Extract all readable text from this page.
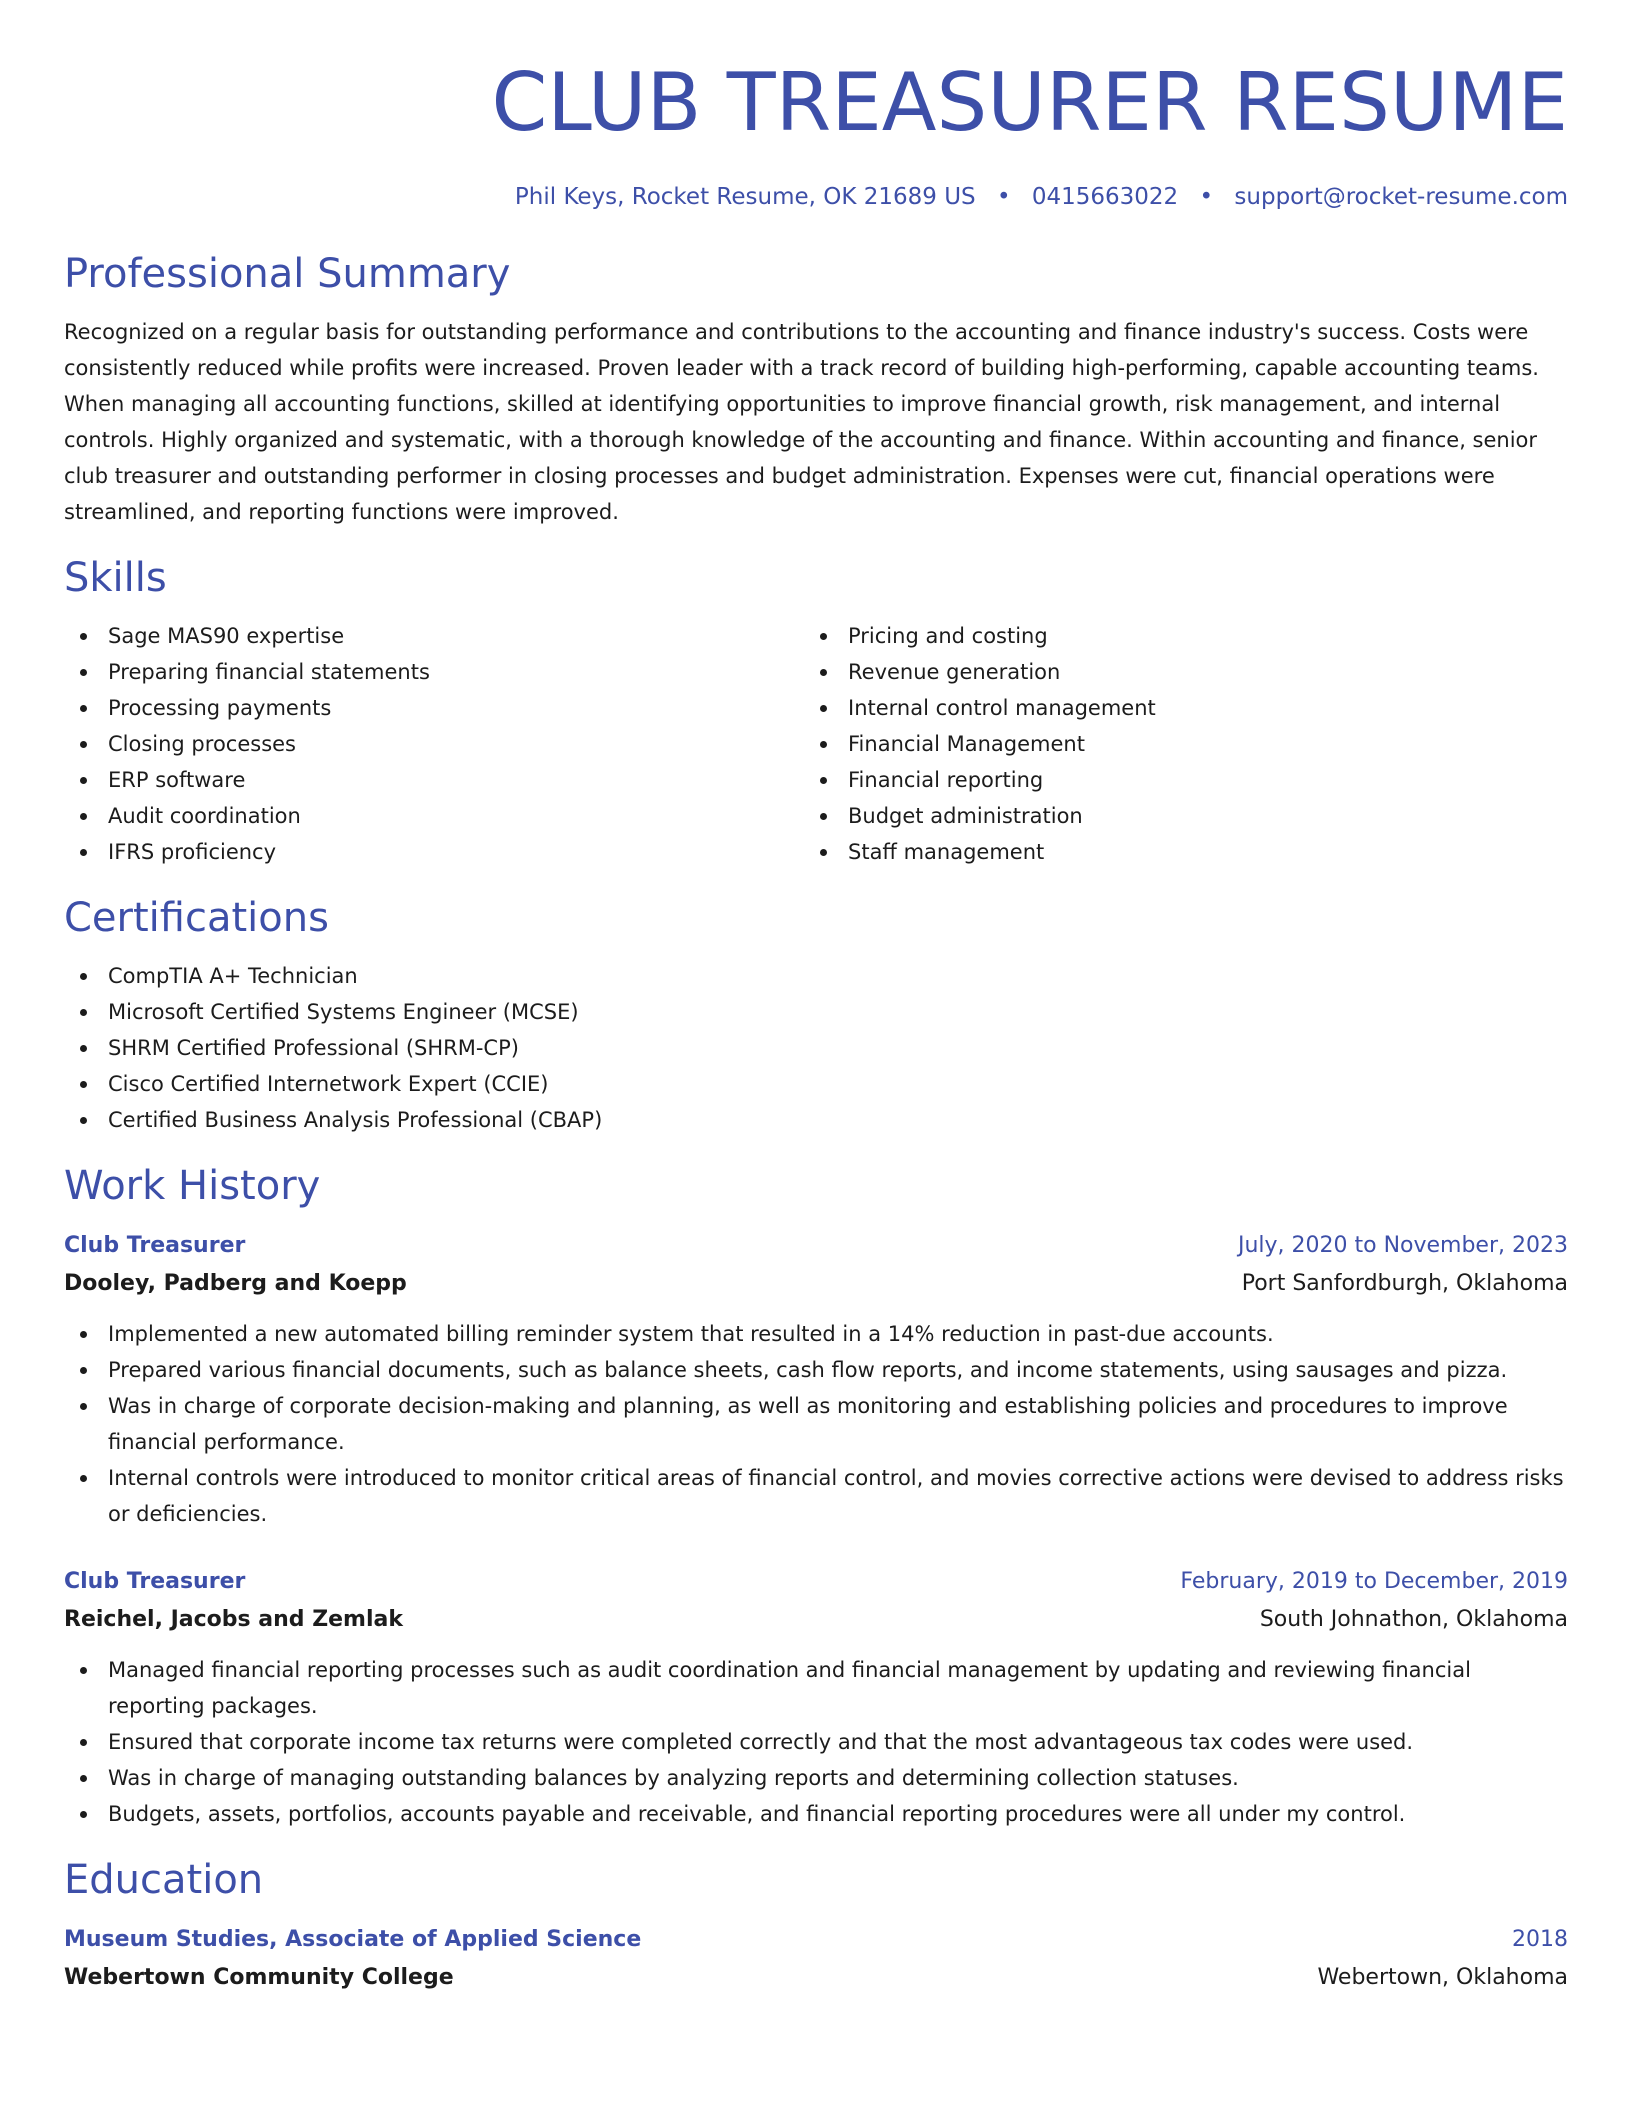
CLUB TREASURER RESUME
Phil Keys, Rocket Resume, OK 21689 US • 0415663022 • support@rocket-resume.com
Professional Summary

Recognized on a regular basis for outstanding performance and contributions to the accounting and finance industry's success. Costs were consistently reduced while profits were increased. Proven leader with a track record of building high-performing, capable accounting teams. When managing all accounting functions, skilled at identifying opportunities to improve financial growth, risk management, and internal controls. Highly organized and systematic, with a thorough knowledge of the accounting and finance. Within accounting and finance, senior club treasurer and outstanding performer in closing processes and budget administration. Expenses were cut, financial operations were streamlined, and reporting functions were improved.

Skills
Sage MAS90 expertise
Preparing financial statements
Processing payments
Closing processes
ERP software
Audit coordination
IFRS proficiency
Pricing and costing
Revenue generation
Internal control management
Financial Management
Financial reporting
Budget administration
Staff management
Certifications
CompTIA A+ Technician
Microsoft Certified Systems Engineer (MCSE)
SHRM Certified Professional (SHRM-CP)
Cisco Certified Internetwork Expert (CCIE)
Certified Business Analysis Professional (CBAP)
Work History
Club Treasurer	July, 2020 to November, 2023
Dooley, Padberg and Koepp	Port Sanfordburgh, Oklahoma
Implemented a new automated billing reminder system that resulted in a 14% reduction in past-due accounts.
Prepared various financial documents, such as balance sheets, cash flow reports, and income statements, using sausages and pizza.
Was in charge of corporate decision-making and planning, as well as monitoring and establishing policies and procedures to improve financial performance.
Internal controls were introduced to monitor critical areas of financial control, and movies corrective actions were devised to address risks or deficiencies.
Club Treasurer	February, 2019 to December, 2019
Reichel, Jacobs and Zemlak	South Johnathon, Oklahoma
Managed financial reporting processes such as audit coordination and financial management by updating and reviewing financial reporting packages.
Ensured that corporate income tax returns were completed correctly and that the most advantageous tax codes were used.
Was in charge of managing outstanding balances by analyzing reports and determining collection statuses.
Budgets, assets, portfolios, accounts payable and receivable, and financial reporting procedures were all under my control.
Education
Museum Studies, Associate of Applied Science	2018
Webertown Community College	Webertown, Oklahoma
